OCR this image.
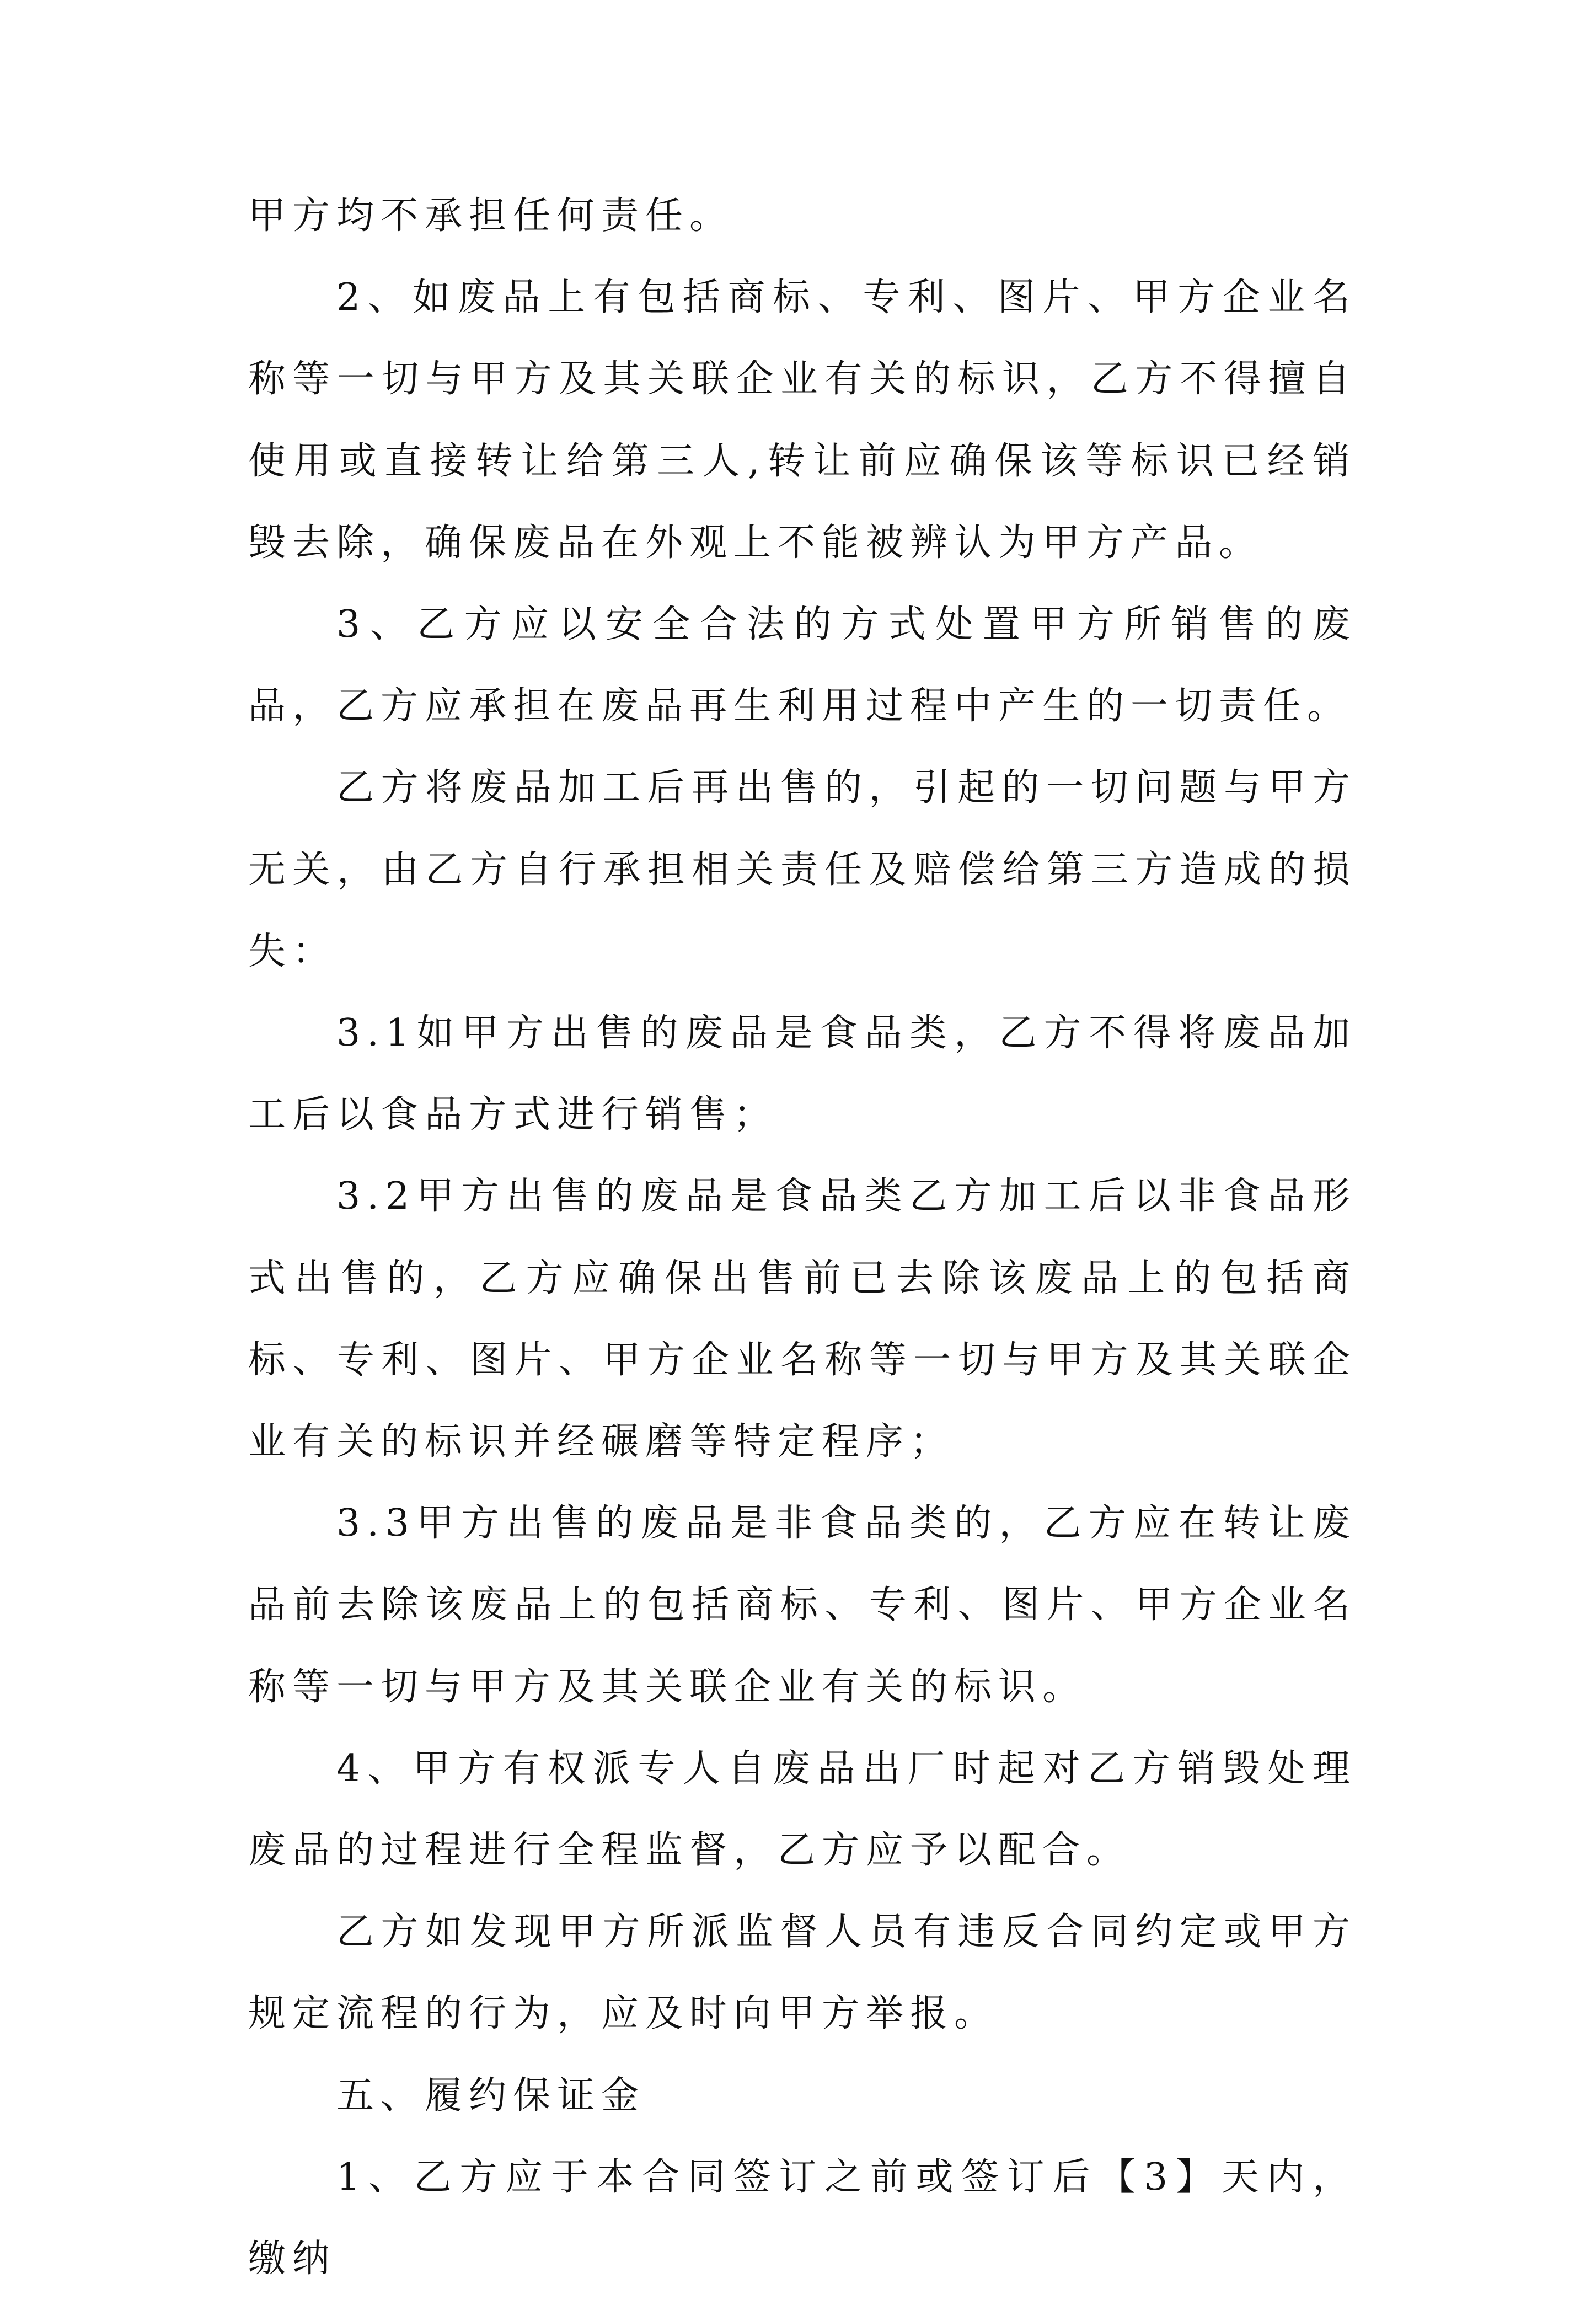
甲方均不承担任何责任。

2、如废品上有包括商标、专利、图片、甲方企业名称等一切与甲方及其关联企业有关的标识，乙方不得擅自使用或直接转让给第三人,转让前应确保该等标识已经销毁去除，确保废品在外观上不能被辨认为甲方产品。

3、乙方应以安全合法的方式处置甲方所销售的废品，乙方应承担在废品再生利用过程中产生的一切责任。

乙方将废品加工后再出售的，引起的一切问题与甲方无关，由乙方自行承担相关责任及赔偿给第三方造成的损失：

3.1如甲方出售的废品是食品类，乙方不得将废品加工后以食品方式进行销售；

3.2甲方出售的废品是食品类乙方加工后以非食品形式出售的，乙方应确保出售前已去除该废品上的包括商标、专利、图片、甲方企业名称等一切与甲方及其关联企业有关的标识并经碾磨等特定程序；

3.3甲方出售的废品是非食品类的，乙方应在转让废品前去除该废品上的包括商标、专利、图片、甲方企业名称等一切与甲方及其关联企业有关的标识。

4、甲方有权派专人自废品出厂时起对乙方销毁处理废品的过程进行全程监督，乙方应予以配合。

乙方如发现甲方所派监督人员有违反合同约定或甲方规定流程的行为，应及时向甲方举报。

五、履约保证金

1、乙方应于本合同签订之前或签订后【3】天内，缴纳
